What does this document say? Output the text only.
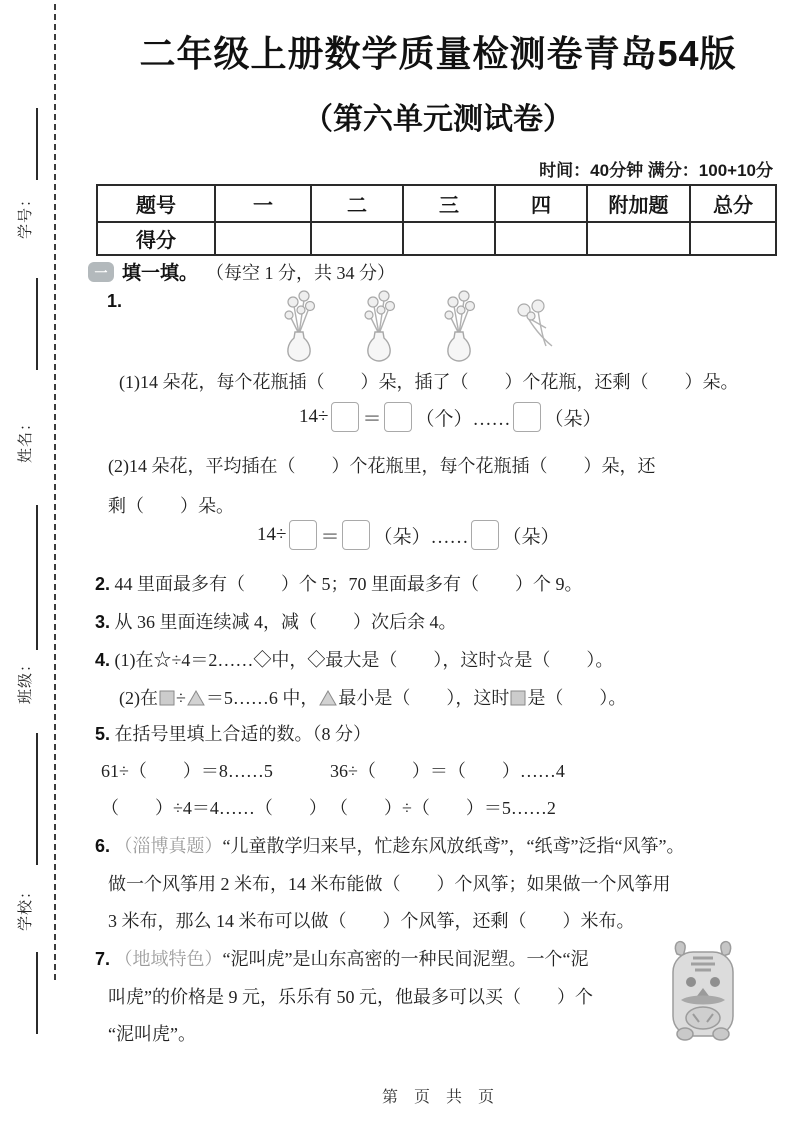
学号：
姓名：
班级：
学校：
二年级上册数学质量检测卷青岛54版
（第六单元测试卷）
时间：40分钟 满分：100+10分
题号	一	二	三	四	附加题	总分
得分						
一 填一填。 （每空 1 分，共 34 分）
1.
(1)14 朵花，每个花瓶插（　　）朵，插了（　　）个花瓶，还剩（　　）朵。
14÷ ＝ （个）…… （朵）
(2)14 朵花，平均插在（　　）个花瓶里，每个花瓶插（　　）朵，还
剩（　　）朵。
14÷ ＝ （朵）…… （朵）
2. 44 里面最多有（　　）个 5；70 里面最多有（　　）个 9。
3. 从 36 里面连续减 4，减（　　）次后余 4。
4. (1)在☆÷4＝2……◇中，◇最大是（　　），这时☆是（　　）。
(2)在 ÷ ＝5……6 中， 最小是（　　），这时 是（　　）。
5. 在括号里填上合适的数。（8 分）
61÷（　　）＝8……5	36÷（　　）＝（　　）……4
（　　）÷4＝4……（　　） （　　）÷（　　）＝5……2
6. （淄博真题）“儿童散学归来早，忙趁东风放纸鸢”，“纸鸢”泛指“风筝”。
做一个风筝用 2 米布，14 米布能做（　　）个风筝；如果做一个风筝用
3 米布，那么 14 米布可以做（　　）个风筝，还剩（　　）米布。
7. （地域特色）“泥叫虎”是山东高密的一种民间泥塑。一个“泥
叫虎”的价格是 9 元，乐乐有 50 元，他最多可以买（　　）个
“泥叫虎”。
第　页　共　页
